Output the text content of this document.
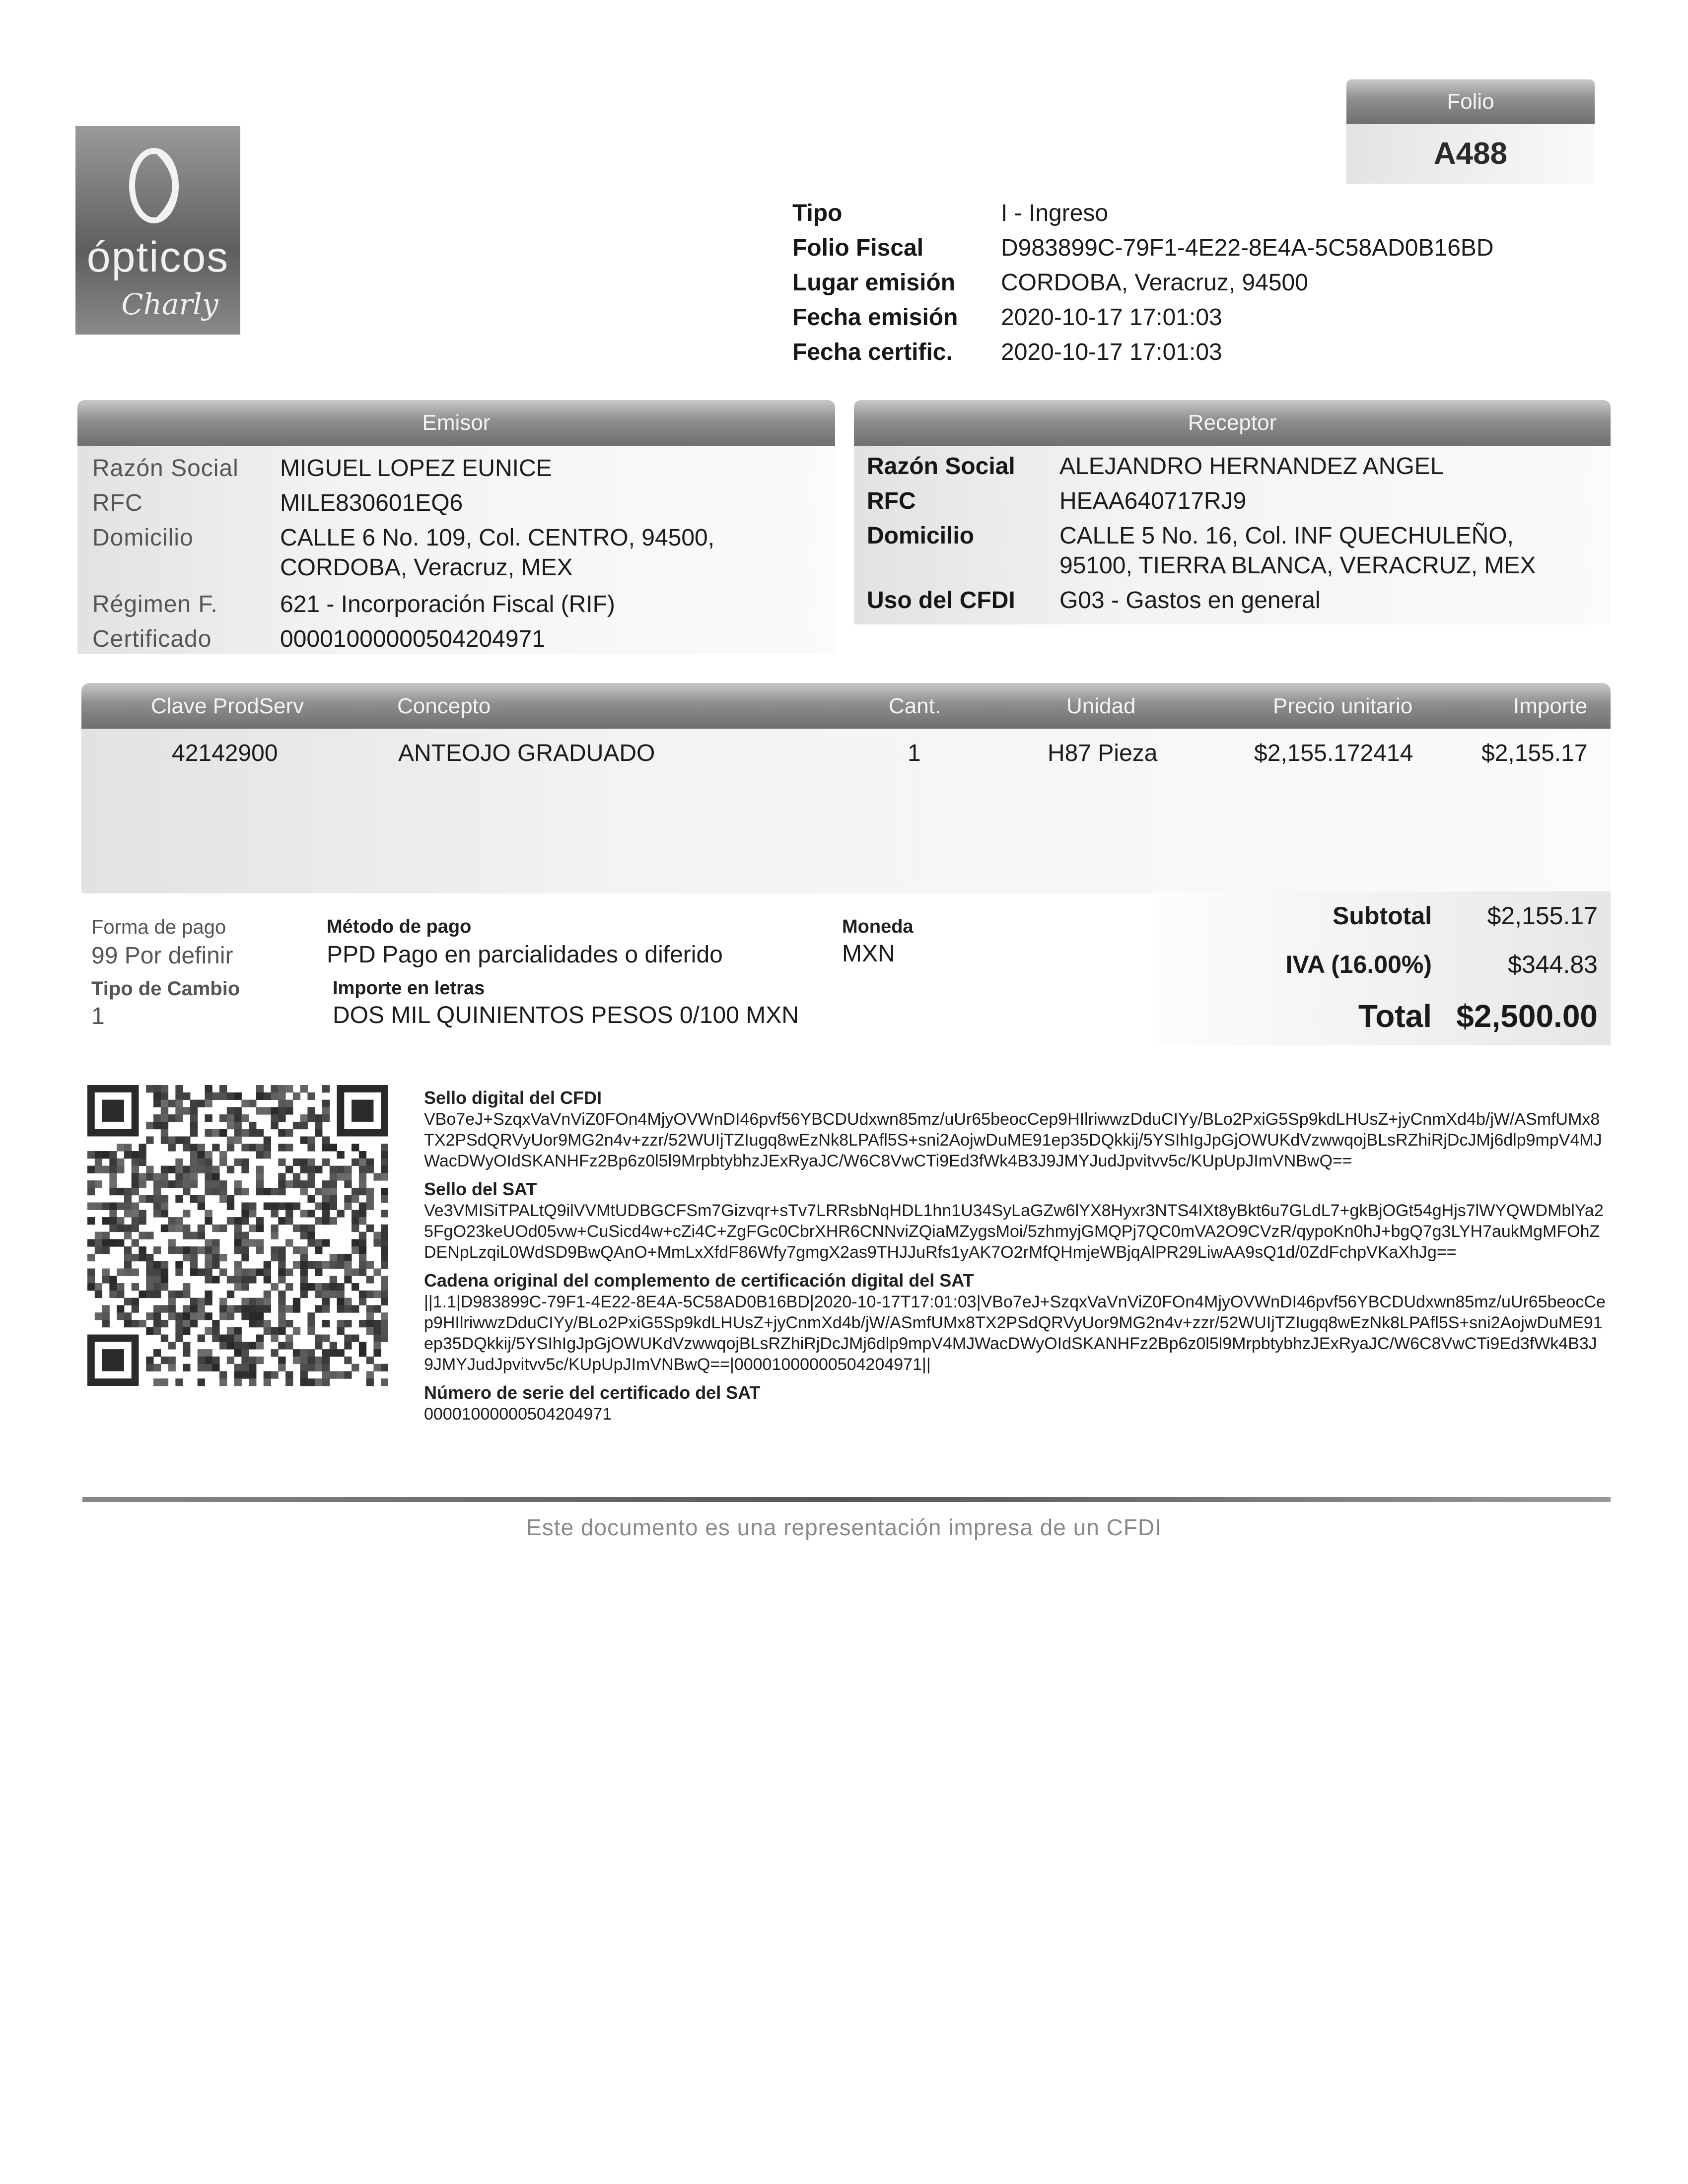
ópticos
Charly
Folio
A488
Tipo	I - Ingreso
Folio Fiscal	D983899C-79F1-4E22-8E4A-5C58AD0B16BD
Lugar emisión CORDOBA, Veracruz, 94500
Fecha emisión 2020-10-17 17:01:03
Fecha certific. 2020-10-17 17:01:03
Emisor
Razón Social MIGUEL LOPEZ EUNICE
RFC	MILE830601EQ6
Domicilio	CALLE 6 No. 109, Col. CENTRO, 94500,
CORDOBA, Veracruz, MEX
Régimen F.	621 - Incorporación Fiscal (RIF)
Certificado	00001000000504204971
Receptor
Razón Social ALEJANDRO HERNANDEZ ANGEL
RFC	HEAA640717RJ9
Domicilio	CALLE 5 No. 16, Col. INF QUECHULEÑO,
95100, TIERRA BLANCA, VERACRUZ, MEX
Uso del CFDI G03 - Gastos en general
Clave ProdServ	Concepto	Cant.	Unidad	Precio unitario	Importe
42142900	ANTEOJO GRADUADO	1	H87 Pieza	$2,155.172414	$2,155.17
Forma de pago
99 Por definir
Método de pago
PPD Pago en parcialidades o diferido
Moneda
MXN
Tipo de Cambio
1
Importe en letras
DOS MIL QUINIENTOS PESOS 0/100 MXN
Subtotal $2,155.17
IVA (16.00%)	$344.83
Total $2,500.00
Sello digital del CFDI
VBo7eJ+SzqxVaVnViZ0FOn4MjyOVWnDI46pvf56YBCDUdxwn85mz/uUr65beocCep9HIlriwwzDduCIYy/BLo2PxiG5Sp9kdLHUsZ+jyCnmXd4b/jW/ASmfUMx8TX2PSdQRVyUor9MG2n4v+zzr/52WUIjTZIugq8wEzNk8LPAfl5S+sni2AojwDuME91ep35DQkkij/5YSIhIgJpGjOWUKdVzwwqojBLsRZhiRjDcJMj6dlp9mpV4MJWacDWyOIdSKANHFz2Bp6z0l5l9MrpbtybhzJExRyaJC/W6C8VwCTi9Ed3fWk4B3J9JMYJudJpvitvv5c/KUpUpJImVNBwQ==
Sello del SAT
Ve3VMISiTPALtQ9ilVVMtUDBGCFSm7Gizvqr+sTv7LRRsbNqHDL1hn1U34SyLaGZw6lYX8Hyxr3NTS4IXt8yBkt6u7GLdL7+gkBjOGt54gHjs7lWYQWDMblYa25FgO23keUOd05vw+CuSicd4w+cZi4C+ZgFGc0CbrXHR6CNNviZQiaMZygsMoi/5zhmyjGMQPj7QC0mVA2O9CVzR/qypoKn0hJ+bgQ7g3LYH7aukMgMFOhZDENpLzqiL0WdSD9BwQAnO+MmLxXfdF86Wfy7gmgX2as9THJJuRfs1yAK7O2rMfQHmjeWBjqAlPR29LiwAA9sQ1d/0ZdFchpVKaXhJg==
Cadena original del complemento de certificación digital del SAT
||1.1|D983899C-79F1-4E22-8E4A-5C58AD0B16BD|2020-10-17T17:01:03|VBo7eJ+SzqxVaVnViZ0FOn4MjyOVWnDI46pvf56YBCDUdxwn85mz/uUr65beocCep9HIlriwwzDduCIYy/BLo2PxiG5Sp9kdLHUsZ+jyCnmXd4b/jW/ASmfUMx8TX2PSdQRVyUor9MG2n4v+zzr/52WUIjTZIugq8wEzNk8LPAfl5S+sni2AojwDuME91ep35DQkkij/5YSIhIgJpGjOWUKdVzwwqojBLsRZhiRjDcJMj6dlp9mpV4MJWacDWyOIdSKANHFz2Bp6z0l5l9MrpbtybhzJExRyaJC/W6C8VwCTi9Ed3fWk4B3J9JMYJudJpvitvv5c/KUpUpJImVNBwQ==|00001000000504204971||
Número de serie del certificado del SAT
00001000000504204971
Este documento es una representación impresa de un CFDI
